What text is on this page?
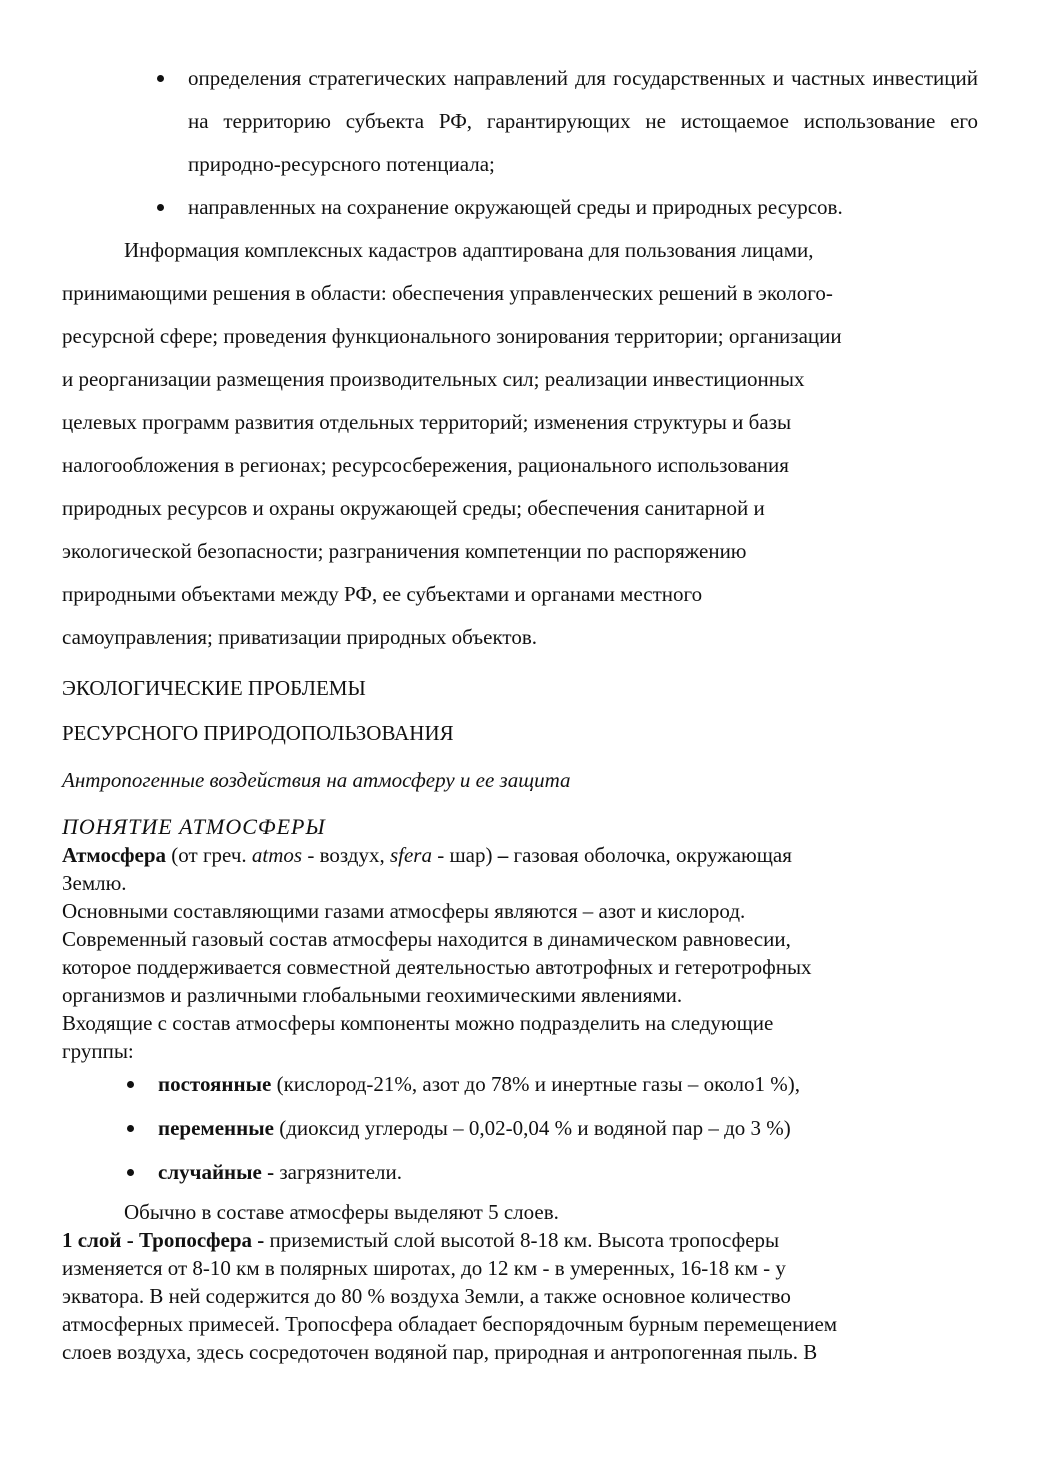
определения стратегических направлений для государственных и частных инвестиций на территорию субъекта РФ, гарантирующих не истощаемое использование его природно-ресурсного потенциала;
направленных на сохранение окружающей среды и природных ресурсов.
Информация комплексных кадастров адаптирована для пользования лицами,
принимающими решения в области: обеспечения управленческих решений в эколого-
ресурсной сфере; проведения функционального зонирования территории; организации
и реорганизации размещения производительных сил; реализации инвестиционных
целевых программ развития отдельных территорий; изменения структуры и базы
налогообложения в регионах; ресурсосбережения, рационального использования
природных ресурсов и охраны окружающей среды; обеспечения санитарной и
экологической безопасности; разграничения компетенции по распоряжению
природными объектами между РФ, ее субъектами и органами местного
самоуправления; приватизации природных объектов.
ЭКОЛОГИЧЕСКИЕ ПРОБЛЕМЫ
РЕСУРСНОГО ПРИРОДОПОЛЬЗОВАНИЯ
Антропогенные воздействия на атмосферу и ее защита
ПОНЯТИЕ АТМОСФЕРЫ
Атмосфера (от греч. atmos - воздух, sfera - шар) – газовая оболочка, окружающая
Землю.
Основными составляющими газами атмосферы являются – азот и кислород.
Современный газовый состав атмосферы находится в динамическом равновесии,
которое поддерживается совместной деятельностью автотрофных и гетеротрофных
организмов и различными глобальными геохимическими явлениями.
Входящие с состав атмосферы компоненты можно подразделить на следующие
группы:
постоянные (кислород-21%, азот до 78% и инертные газы – около1 %),
переменные (диоксид углероды – 0,02-0,04 % и водяной пар – до 3 %)
случайные - загрязнители.
Обычно в составе атмосферы выделяют 5 слоев.
1 слой - Тропосфера - приземистый слой высотой 8-18 км. Высота тропосферы
изменяется от 8-10 км в полярных широтах, до 12 км - в умеренных, 16-18 км - у
экватора. В ней содержится до 80 % воздуха Земли, а также основное количество
атмосферных примесей. Тропосфера обладает беспорядочным бурным перемещением
слоев воздуха, здесь сосредоточен водяной пар, природная и антропогенная пыль. В
